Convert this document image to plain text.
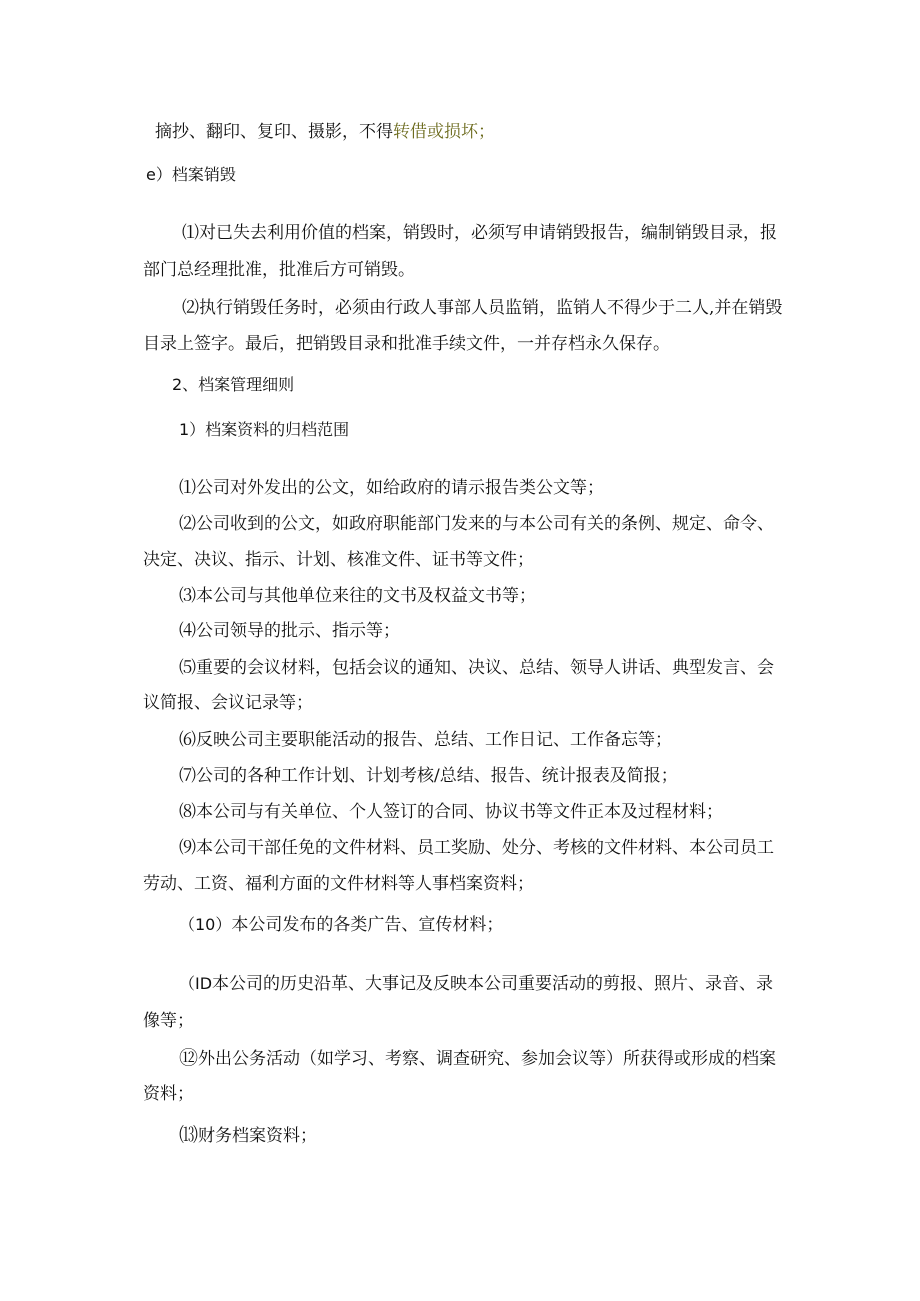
摘抄、翻印、复印、摄影，不得转借或损坏；
e）档案销毁
⑴对已失去利用价值的档案，销毁时，必须写申请销毁报告，编制销毁目录，报
部门总经理批准，批准后方可销毁。
⑵执行销毁任务时，必须由行政人事部人员监销，监销人不得少于二人,并在销毁
目录上签字。最后，把销毁目录和批准手续文件，一并存档永久保存。
2、档案管理细则
1）档案资料的归档范围
⑴公司对外发出的公文，如给政府的请示报告类公文等；
⑵公司收到的公文，如政府职能部门发来的与本公司有关的条例、规定、命令、
决定、决议、指示、计划、核准文件、证书等文件；
⑶本公司与其他单位来往的文书及权益文书等；
⑷公司领导的批示、指示等；
⑸重要的会议材料，包括会议的通知、决议、总结、领导人讲话、典型发言、会
议简报、会议记录等；
⑹反映公司主要职能活动的报告、总结、工作日记、工作备忘等；
⑺公司的各种工作计划、计划考核/总结、报告、统计报表及简报；
⑻本公司与有关单位、个人签订的合同、协议书等文件正本及过程材料；
⑼本公司干部任免的文件材料、员工奖励、处分、考核的文件材料、本公司员工
劳动、工资、福利方面的文件材料等人事档案资料；
（10）本公司发布的各类广告、宣传材料；
（ID本公司的历史沿革、大事记及反映本公司重要活动的剪报、照片、录音、录
像等；
⑫外出公务活动（如学习、考察、调查研究、参加会议等）所获得或形成的档案
资料；
⒀财务档案资料；
